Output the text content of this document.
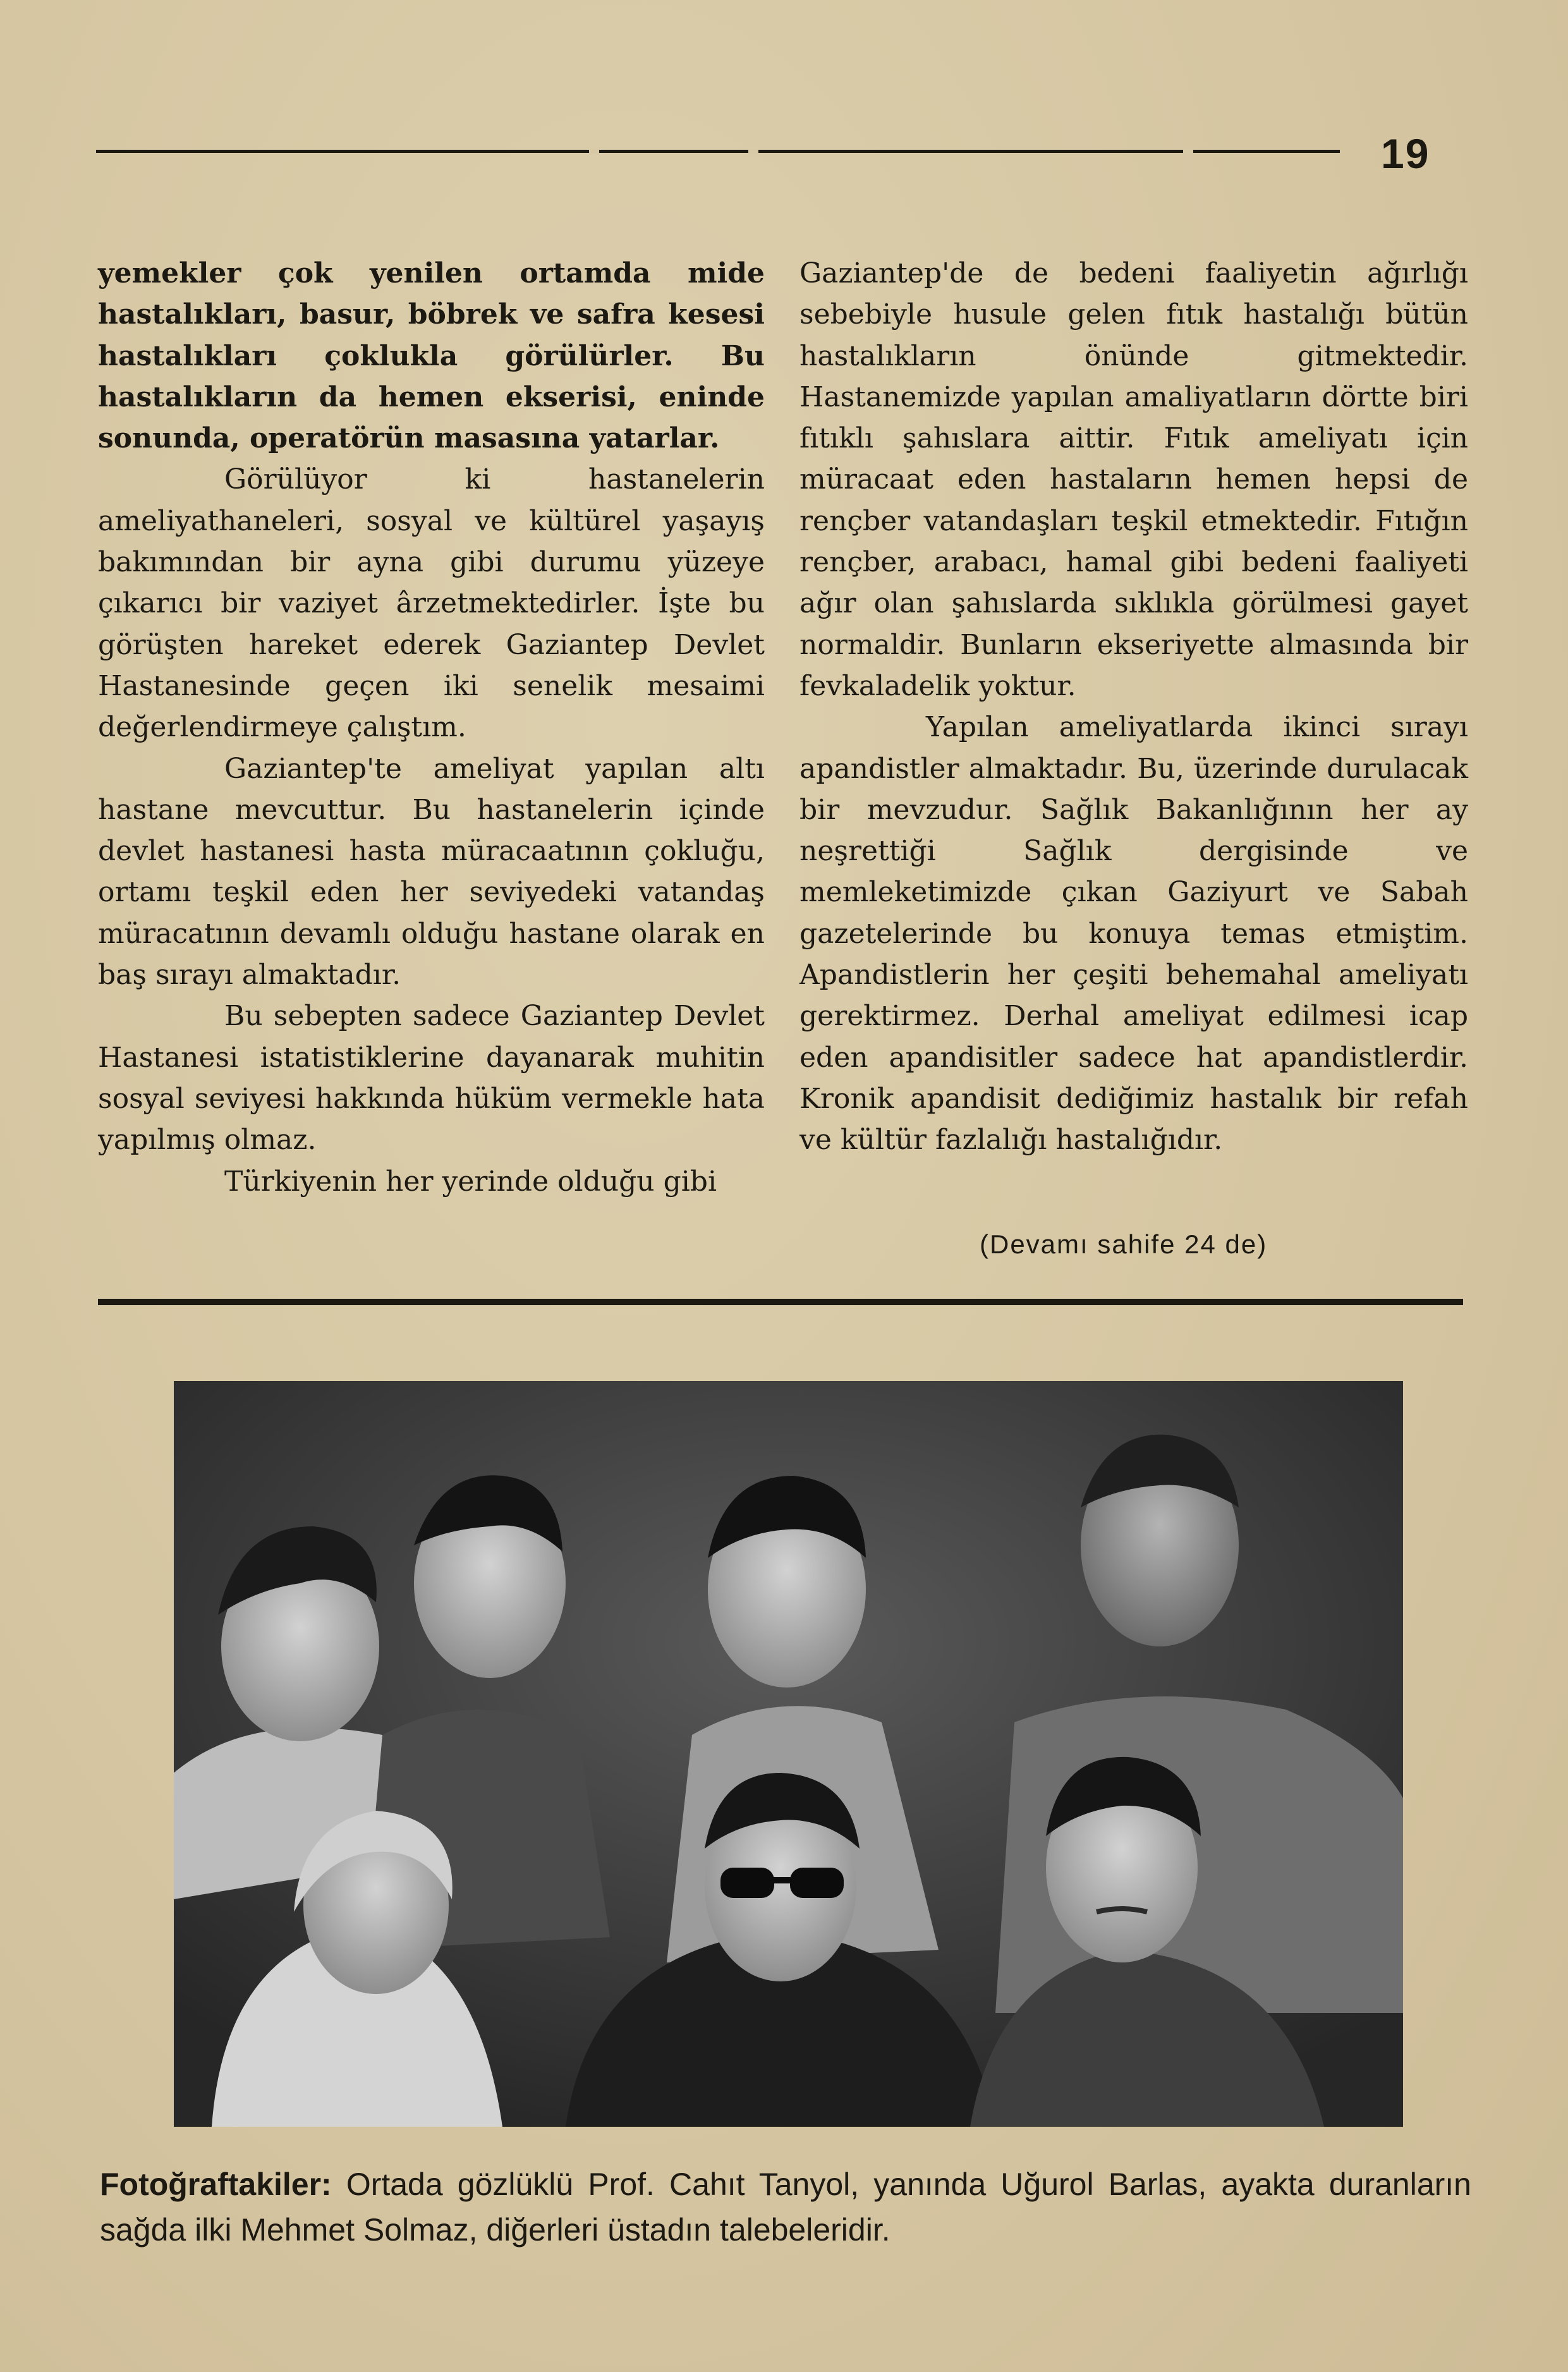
19

yemekler çok yenilen ortamda mide hastalıkları, basur, böbrek ve safra kesesi hastalıkları çoklukla görülürler. Bu hastalıkların da hemen ekserisi, eninde sonunda, operatörün masasına yatarlar.

Görülüyor ki hastanelerin ameliyathaneleri, sosyal ve kültürel yaşayış bakımından bir ayna gibi durumu yüzeye çıkarıcı bir vaziyet ârzetmektedirler. İşte bu görüşten hareket ederek Gaziantep Devlet Hastanesinde geçen iki senelik mesaimi değerlendirmeye çalıştım.

Gaziantep'te ameliyat yapılan altı hastane mevcuttur. Bu hastanelerin içinde devlet hastanesi hasta müracaatının çokluğu, ortamı teşkil eden her seviyedeki vatandaş müracatının devamlı olduğu hastane olarak en baş sırayı almaktadır.

Bu sebepten sadece Gaziantep Devlet Hastanesi istatistiklerine dayanarak muhitin sosyal seviyesi hakkında hüküm vermekle hata yapılmış olmaz.

Türkiyenin her yerinde olduğu gibi

Gaziantep'de de bedeni faaliyetin ağırlığı sebebiyle husule gelen fıtık hastalığı bütün hastalıkların önünde gitmektedir. Hastanemizde yapılan amaliyatların dörtte biri fıtıklı şahıslara aittir. Fıtık ameliyatı için müracaat eden hastaların hemen hepsi de rençber vatandaşları teşkil etmektedir. Fıtığın rençber, arabacı, hamal gibi bedeni faaliyeti ağır olan şahıslarda sıklıkla görülmesi gayet normaldir. Bunların ekseriyette almasında bir fevkaladelik yoktur.

Yapılan ameliyatlarda ikinci sırayı apandistler almaktadır. Bu, üzerinde durulacak bir mevzudur. Sağlık Bakanlığının her ay neşrettiği Sağlık dergisinde ve memleketimizde çıkan Gaziyurt ve Sabah gazetelerinde bu konuya temas etmiştim. Apandistlerin her çeşiti behemahal ameliyatı gerektirmez. Derhal ameliyat edilmesi icap eden apandisitler sadece hat apandistlerdir. Kronik apandisit dediğimiz hastalık bir refah ve kültür fazlalığı hastalığıdır.

(Devamı sahife 24 de)
Fotoğraftakiler: Ortada gözlüklü Prof. Cahıt Tanyol, yanında Uğurol Barlas, ayakta duranların sağda ilki Mehmet Solmaz, diğerleri üstadın talebeleridir.
